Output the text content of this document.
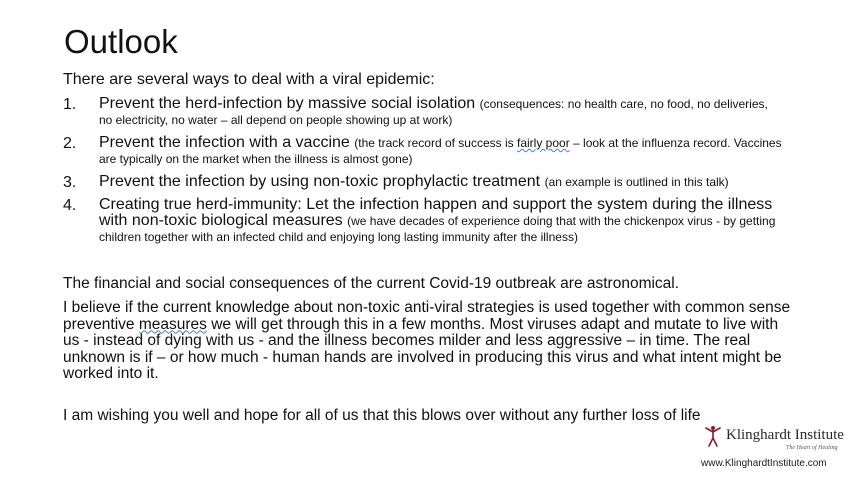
Outlook
There are several ways to deal with a viral epidemic:
1. Prevent the herd-infection by massive social isolation (consequences: no health care, no food, no deliveries, no electricity, no water – all depend on people showing up at work)
2. Prevent the infection with a vaccine (the track record of success is fairly poor – look at the influenza record. Vaccines are typically on the market when the illness is almost gone)
3. Prevent the infection by using non-toxic prophylactic treatment (an example is outlined in this talk)
4. Creating true herd-immunity: Let the infection happen and support the system during the illness with non-toxic biological measures (we have decades of experience doing that with the chickenpox virus - by getting children together with an infected child and enjoying long lasting immunity after the illness)
The financial and social consequences of the current Covid-19 outbreak are astronomical.
I believe if the current knowledge about non-toxic anti-viral strategies is used together with common sense preventive measures we will get through this in a few months. Most viruses adapt and mutate to live with us - instead of dying with us - and the illness becomes milder and less aggressive – in time. The real unknown is if – or how much - human hands are involved in producing this virus and what intent might be worked into it.
I am wishing you well and hope for all of us that this blows over without any further loss of life
Klinghardt Institute
The Heart of Healing
www.KlinghardtInstitute.com
